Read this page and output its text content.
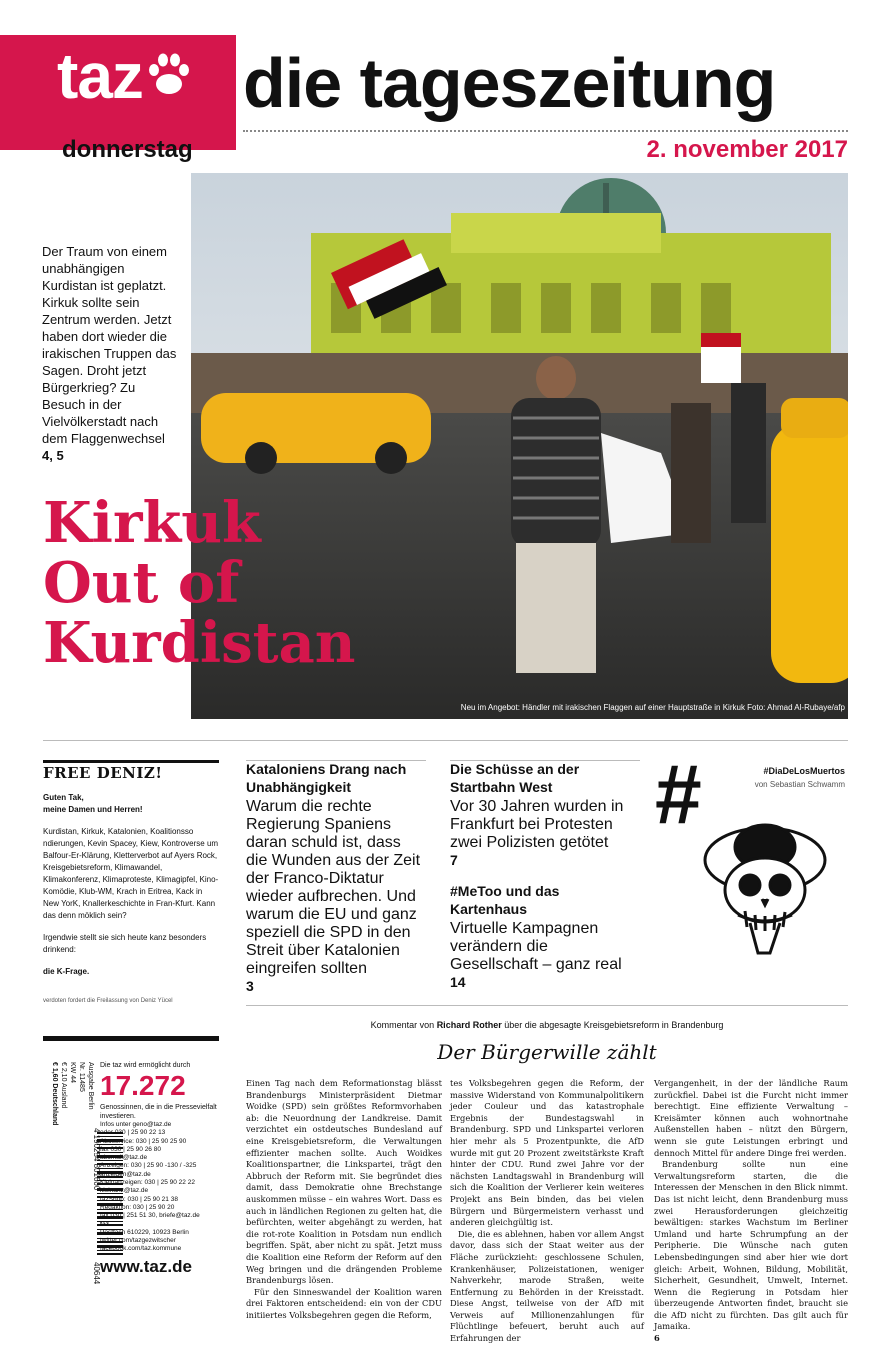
taz	die tageszeitung
donnerstag	2. november 2017
Neu im Angebot: Händler mit irakischen Flaggen auf einer Hauptstraße in Kirkuk Foto: Ahmad Al-Rubaye/afp
Der Traum von einem unabhängigen Kurdistan ist geplatzt. Kirkuk sollte sein Zentrum werden. Jetzt haben dort wieder die irakischen Truppen das Sagen. Droht jetzt Bürgerkrieg? Zu Besuch in der Vielvölkerstadt nach dem Flaggenwechsel
4, 5
Kirkuk
Out of
Kurdistan
FREE DENIZ!
Guten Tak,
meine Damen und Herren!
Kurdistan, Kirkuk, Katalonien, Koalitionsso ndierungen, Kevin Spacey, Kiew, Kontroverse um Balfour-Er-Klärung, Kletterverbot auf Ayers Rock, Kreisgebietsreform, Klimawandel, Klimakonferenz, Klimaproteste, Klimagipfel, Kino-Komödie, Klub-WM, Krach in Eritrea, Kack in New YorK, Knallerkeschichte in Fran-Kfurt. Kann das denn möklich sein?
Irgendwie stellt sie sich heute kanz besonders drinkend:
die K-Frage.
verdoten fordert die Freilassung von Deniz Yücel
Kataloniens Drang nach Unabhängigkeit
Warum die rechte Regierung Spaniens daran schuld ist, dass die Wunden aus der Zeit der Franco-Diktatur wieder aufbrechen. Und warum die EU und ganz speziell die SPD in den Streit über Katalonien eingreifen sollten
3
Die Schüsse an der Startbahn West
Vor 30 Jahren wurden in Frankfurt bei Protesten zwei Polizisten getötet
7
#MeToo und das Kartenhaus
Virtuelle Kampagnen verändern die Gesellschaft – ganz real
14
#	#DiaDeLosMuertos
von Sebastian Schwamm
Ausgabe Berlin
Nr. 11485
KW 44
€ 2,10 Ausland
€ 1,60 Deutschland
4 190254 801600
40644
Die taz wird ermöglicht durch
17.272
Genossinnen, die in die Pressevielfalt investieren.
Infos unter geno@taz.de
oder 030 | 25 90 22 13
Aboservice: 030 | 25 90 25 90
fax 030 | 25 90 26 80
abomail@taz.de
Anzeigen: 030 | 25 90 -130 / -325
anzeigen@taz.de
Kleinanzeigen: 030 | 25 90 22 22
kleinanz@taz.de
tazShop: 030 | 25 90 21 38
Redaktion: 030 | 25 90 20
fax 030 | 251 51 30, briefe@taz.de
taz
Postfach 610229, 10923 Berlin
twitter.com/tazgezwitscher
facebook.com/taz.kommune
www.taz.de
Kommentar von Richard Rother über die abgesagte Kreisgebietsreform in Brandenburg
Der Bürgerwille zählt
Einen Tag nach dem Reformationstag blässt Brandenburgs Ministerpräsident Dietmar Woidke (SPD) sein größtes Reformvorhaben ab: die Neuordnung der Landkreise. Damit verzichtet ein ostdeutsches Bundesland auf eine Kreisgebietsreform, die Verwaltungen effizienter machen sollte. Auch Woidkes Koalitionspartner, die Linkspartei, trägt den Abbruch der Reform mit. Sie begründet dies damit, dass Demokratie ohne Brechstange auskommen müsse – ein wahres Wort. Dass es auch in ländlichen Regionen zu gelten hat, die befürchten, weiter abgehängt zu werden, hat die rot-rote Koalition in Potsdam nun endlich begriffen. Spät, aber nicht zu spät. Jetzt muss die Koalition eine Reform der Reform auf den Weg bringen und die drängenden Probleme Brandenburgs lösen.
Für den Sinneswandel der Koalition waren drei Faktoren entscheidend: ein von der CDU initiiertes Volksbegehren gegen die Reform,
tes Volksbegehren gegen die Reform, der massive Widerstand von Kommunalpolitikern jeder Couleur und das katastrophale Ergebnis der Bundestagswahl in Brandenburg. SPD und Linkspartei verloren hier mehr als 5 Prozentpunkte, die AfD wurde mit gut 20 Prozent zweitstärkste Kraft hinter der CDU. Rund zwei Jahre vor der nächsten Landtagswahl in Brandenburg will sich die Koalition der Verlierer kein weiteres Projekt ans Bein binden, das bei vielen Bürgern und Bürgermeistern verhasst und anderen gleichgültig ist.
Die, die es ablehnen, haben vor allem Angst davor, dass sich der Staat weiter aus der Fläche zurückzieht: geschlossene Schulen, Krankenhäuser, Polizeistationen, weniger Nahverkehr, marode Straßen, weite Entfernung zu Behörden in der Kreisstadt. Diese Angst, teilweise von der AfD mit Verweis auf Millionenzahlungen für Flüchtlinge befeuert, beruht auch auf Erfahrungen der
Vergangenheit, in der der ländliche Raum zurückfiel. Dabei ist die Furcht nicht immer berechtigt. Eine effiziente Verwaltung – Kreisämter können auch wohnortnahe Außenstellen haben – nützt den Bürgern, wenn sie gute Leistungen erbringt und dennoch Mittel für andere Dinge frei werden.
Brandenburg sollte nun eine Verwaltungsreform starten, die die Interessen der Menschen in den Blick nimmt. Das ist nicht leicht, denn Brandenburg muss zwei Herausforderungen gleichzeitig bewältigen: starkes Wachstum im Berliner Umland und harte Schrumpfung an der Peripherie. Die Wünsche nach guten Lebensbedingungen sind aber hier wie dort gleich: Arbeit, Wohnen, Bildung, Mobilität, Sicherheit, Gesundheit, Umwelt, Internet. Wenn die Regierung in Potsdam hier überzeugende Antworten findet, braucht sie die AfD nicht zu fürchten. Das gilt auch für Jamaika.
6
